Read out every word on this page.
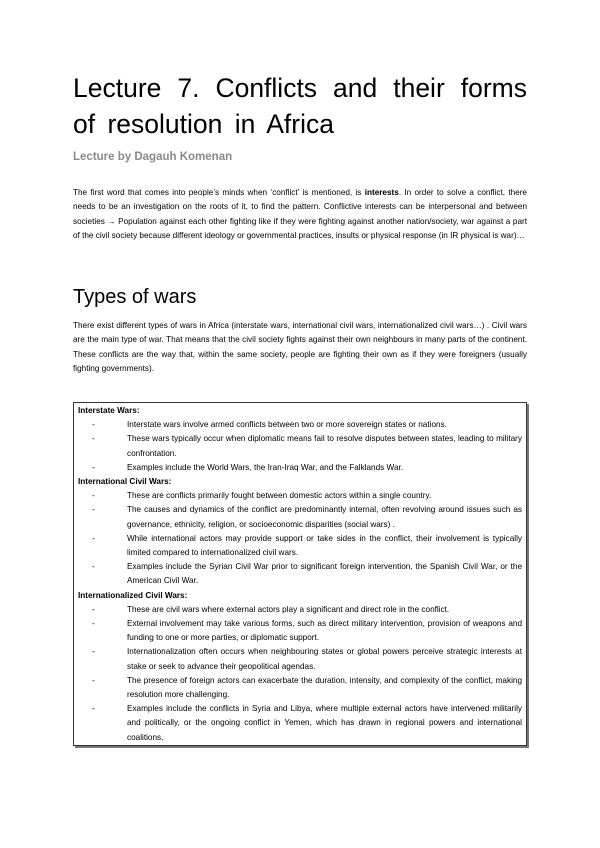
Lecture 7. Conflicts and their forms of resolution in Africa
Lecture by Dagauh Komenan

The first word that comes into people’s minds when ‘conflict’ is mentioned, is interests. In order to solve a conflict, there needs to be an investigation on the roots of it, to find the pattern. Conflictive interests can be interpersonal and between societies → Population against each other fighting like if they were fighting against another nation/society, war against a part of the civil society because different ideology or governmental practices, insults or physical response (in IR physical is war)…

Types of wars

There exist different types of wars in Africa (interstate wars, international civil wars, internationalized civil wars…) . Civil wars are the main type of war. That means that the civil society fights against their own neighbours in many parts of the continent. These conflicts are the way that, within the same society, people are fighting their own as if they were foreigners (usually fighting governments).

Interstate Wars:
-	Interstate wars involve armed conflicts between two or more sovereign states or nations.
-	These wars typically occur when diplomatic means fail to resolve disputes between states, leading to military confrontation.
-	Examples include the World Wars, the Iran-Iraq War, and the Falklands War.
International Civil Wars:
-	These are conflicts primarily fought between domestic actors within a single country.
-	The causes and dynamics of the conflict are predominantly internal, often revolving around issues such as governance, ethnicity, religion, or socioeconomic disparities (social wars) .
-	While international actors may provide support or take sides in the conflict, their involvement is typically limited compared to internationalized civil wars.
-	Examples include the Syrian Civil War prior to significant foreign intervention, the Spanish Civil War, or the American Civil War.
Internationalized Civil Wars:
-	These are civil wars where external actors play a significant and direct role in the conflict.
-	External involvement may take various forms, such as direct military intervention, provision of weapons and funding to one or more parties, or diplomatic support.
-	Internationalization often occurs when neighbouring states or global powers perceive strategic interests at stake or seek to advance their geopolitical agendas.
-	The presence of foreign actors can exacerbate the duration, intensity, and complexity of the conflict, making resolution more challenging.
-	Examples include the conflicts in Syria and Libya, where multiple external actors have intervened militarily and politically, or the ongoing conflict in Yemen, which has drawn in regional powers and international coalitions.
